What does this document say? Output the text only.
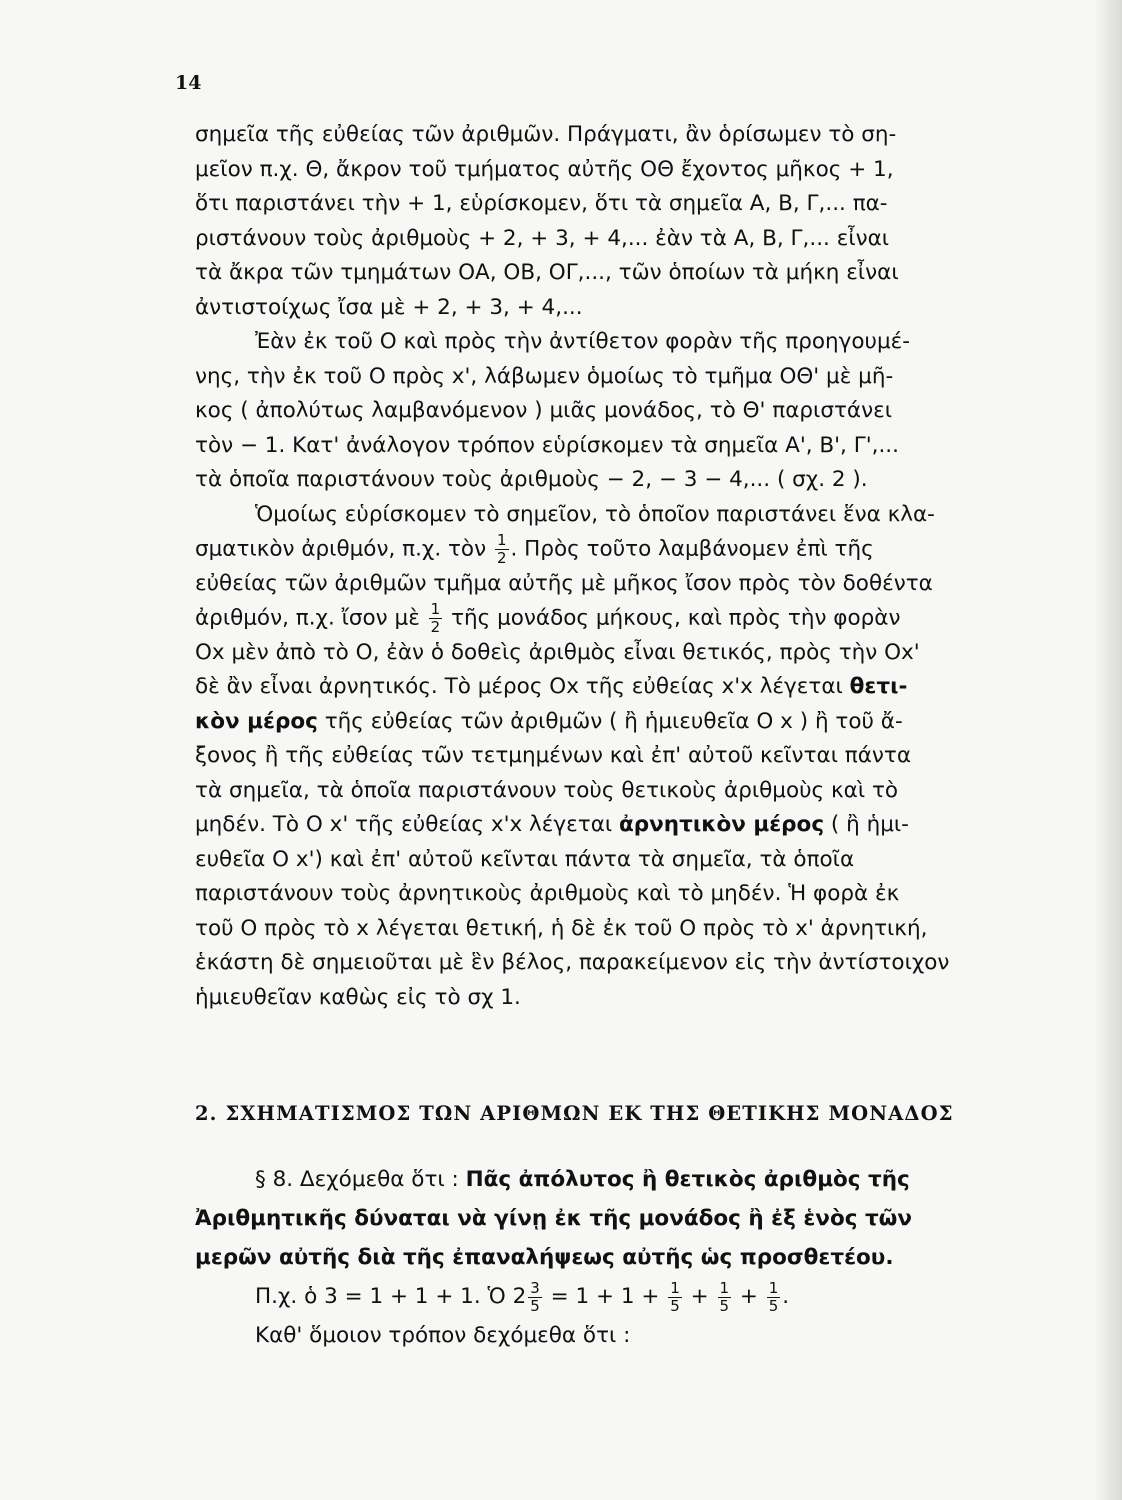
14
σημεῖα τῆς εὐθείας τῶν ἀριθμῶν. Πράγματι, ἂν ὁρίσωμεν τὸ ση-
μεῖον π.χ. Θ, ἄκρον τοῦ τμήματος αὐτῆς ΟΘ ἔχοντος μῆκος + 1,
ὅτι παριστάνει τὴν + 1, εὑρίσκομεν, ὅτι τὰ σημεῖα Α, Β, Γ,... πα-
ριστάνουν τοὺς ἀριθμοὺς + 2, + 3, + 4,... ἐὰν τὰ Α, Β, Γ,... εἶναι
τὰ ἄκρα τῶν τμημάτων ΟΑ, ΟΒ, ΟΓ,..., τῶν ὁποίων τὰ μήκη εἶναι
ἀντιστοίχως ἴσα μὲ + 2, + 3, + 4,...
Ἐὰν ἐκ τοῦ Ο καὶ πρὸς τὴν ἀντίθετον φορὰν τῆς προηγουμέ-
νης, τὴν ἐκ τοῦ Ο πρὸς x', λάβωμεν ὁμοίως τὸ τμῆμα ΟΘ' μὲ μῆ-
κος ( ἀπολύτως λαμβανόμενον ) μιᾶς μονάδος, τὸ Θ' παριστάνει
τὸν − 1. Κατ' ἀνάλογον τρόπον εὑρίσκομεν τὰ σημεῖα Α', Β', Γ',...
τὰ ὁποῖα παριστάνουν τοὺς ἀριθμοὺς − 2, − 3 − 4,... ( σχ. 2 ).
Ὁμοίως εὑρίσκομεν τὸ σημεῖον, τὸ ὁποῖον παριστάνει ἕνα κλα-
σματικὸν ἀριθμόν, π.χ. τὸν $\frac{1}{2}$ . Πρὸς τοῦτο λαμβάνομεν ἐπὶ τῆς
εὐθείας τῶν ἀριθμῶν τμῆμα αὐτῆς μὲ μῆκος ἴσον πρὸς τὸν δοθέντα
ἀριθμόν, π.χ. ἴσον μὲ $\frac{1}{2}$ τῆς μονάδος μήκους, καὶ πρὸς τὴν φορὰν
Οx μὲν ἀπὸ τὸ Ο, ἐὰν ὁ δοθεὶς ἀριθμὸς εἶναι θετικός, πρὸς τὴν Οx'
δὲ ἂν εἶναι ἀρνητικός. Τὸ μέρος Οx τῆς εὐθείας x'x λέγεται θετι-
κὸν μέρος τῆς εὐθείας τῶν ἀριθμῶν ( ἢ ἡμιευθεῖα Ο x ) ἢ τοῦ ἄ-
ξονος ἢ τῆς εὐθείας τῶν τετμημένων καὶ ἐπ' αὐτοῦ κεῖνται πάντα
τὰ σημεῖα, τὰ ὁποῖα παριστάνουν τοὺς θετικοὺς ἀριθμοὺς καὶ τὸ
μηδέν. Τὸ Ο x' τῆς εὐθείας x'x λέγεται ἀρνητικὸν μέρος ( ἢ ἡμι-
ευθεῖα Ο x') καὶ ἐπ' αὐτοῦ κεῖνται πάντα τὰ σημεῖα, τὰ ὁποῖα
παριστάνουν τοὺς ἀρνητικοὺς ἀριθμοὺς καὶ τὸ μηδέν. Ἡ φορὰ ἐκ
τοῦ Ο πρὸς τὸ x λέγεται θετική, ἡ δὲ ἐκ τοῦ Ο πρὸς τὸ x' ἀρνητική,
ἑκάστη δὲ σημειοῦται μὲ ἓν βέλος, παρακείμενον εἰς τὴν ἀντίστοιχον
ἡμιευθεῖαν καθὼς εἰς τὸ σχ 1.
2. ΣΧΗΜΑΤΙΣΜΟΣ ΤΩΝ ΑΡΙΘΜΩΝ ΕΚ ΤΗΣ ΘΕΤΙΚΗΣ ΜΟΝΑΔΟΣ
§ 8. Δεχόμεθα ὅτι : Πᾶς ἀπόλυτος ἢ θετικὸς ἀριθμὸς τῆς
Ἀριθμητικῆς δύναται νὰ γίνῃ ἐκ τῆς μονάδος ἢ ἐξ ἑνὸς τῶν
μερῶν αὐτῆς διὰ τῆς ἐπαναλήψεως αὐτῆς ὡς προσθετέου.
Π.χ. ὁ 3 = 1 + 1 + 1. Ὁ $2 \frac{3}{5} = 1 + 1 + \frac{1}{5} + \frac{1}{5} + \frac{1}{5}$ .
Καθ' ὅμοιον τρόπον δεχόμεθα ὅτι :
